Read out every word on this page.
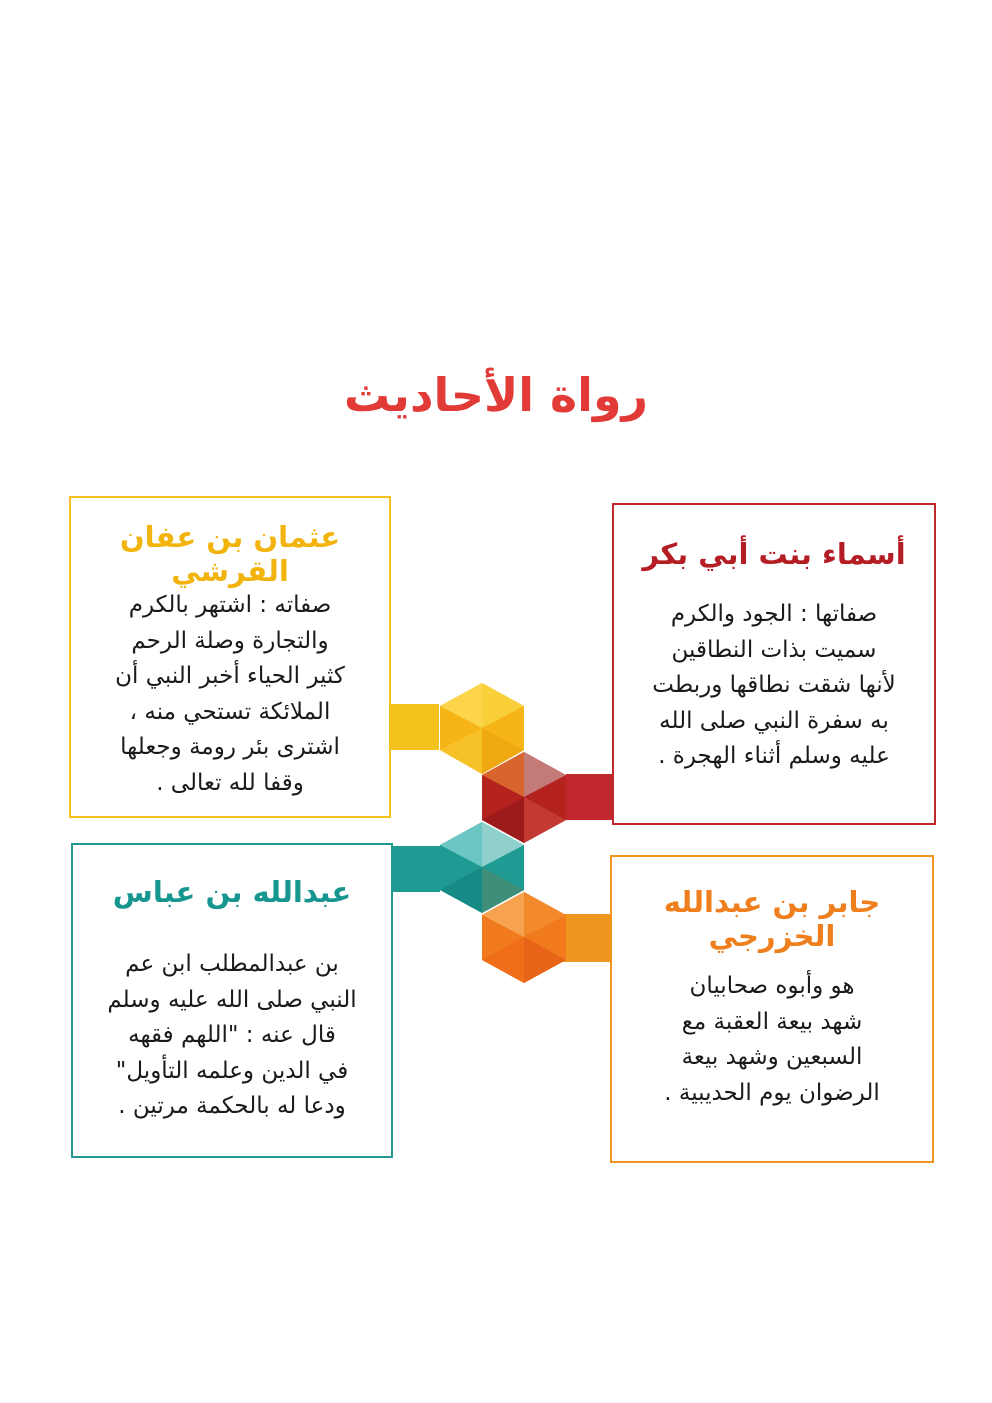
رواة الأحاديث
عثمان بن عفان القرشي
صفاته : اشتهر بالكرم
والتجارة وصلة الرحم
كثير الحياء أخبر النبي أن
الملائكة تستحي منه ،
اشترى بئر رومة وجعلها
وقفا لله تعالى .
أسماء بنت أبي بكر
صفاتها : الجود والكرم
سميت بذات النطاقين
لأنها شقت نطاقها وربطت
به سفرة النبي صلى الله
عليه وسلم أثناء الهجرة .
عبدالله بن عباس
بن عبدالمطلب ابن عم
النبي صلى الله عليه وسلم
قال عنه : "اللهم فقهه
في الدين وعلمه التأويل"
ودعا له بالحكمة مرتين .
جابر بن عبدالله الخزرجي
هو وأبوه صحابيان
شهد بيعة العقبة مع
السبعين وشهد بيعة
الرضوان يوم الحديبية .
